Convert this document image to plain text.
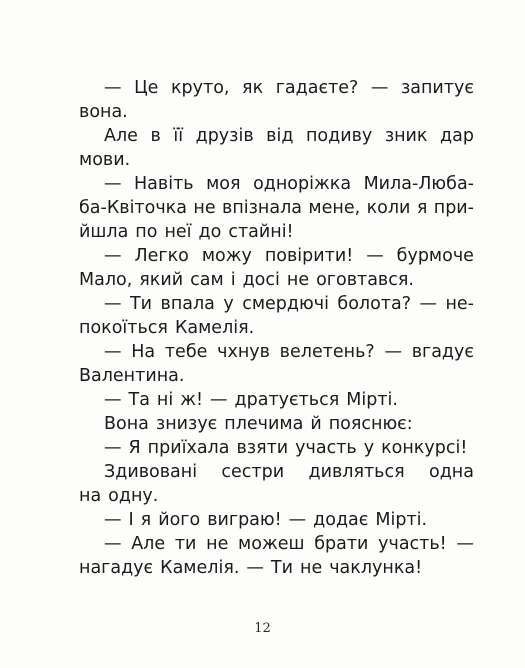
— Це круто, як гадаєте? — запитує
вона.
Але в її друзів від подиву зник дар
мови.
— Навіть моя одноріжка Мила-Люба-
ба-Квіточка не впізнала мене, коли я при-
йшла по неї до стайні!
— Легко можу повірити! — бурмоче
Мало, який сам і досі не оговтався.
— Ти впала у смердючі болота? — не-
покоїться Камелія.
— На тебе чхнув велетень? — вгадує
Валентина.
— Та ні ж! — дратується Мірті.
Вона знизує плечима й пояснює:
— Я приїхала взяти участь у конкурсі!
Здивовані сестри дивляться одна
на одну.
— І я його виграю! — додає Мірті.
— Але ти не можеш брати участь! —
нагадує Камелія. — Ти не чаклунка!
12
